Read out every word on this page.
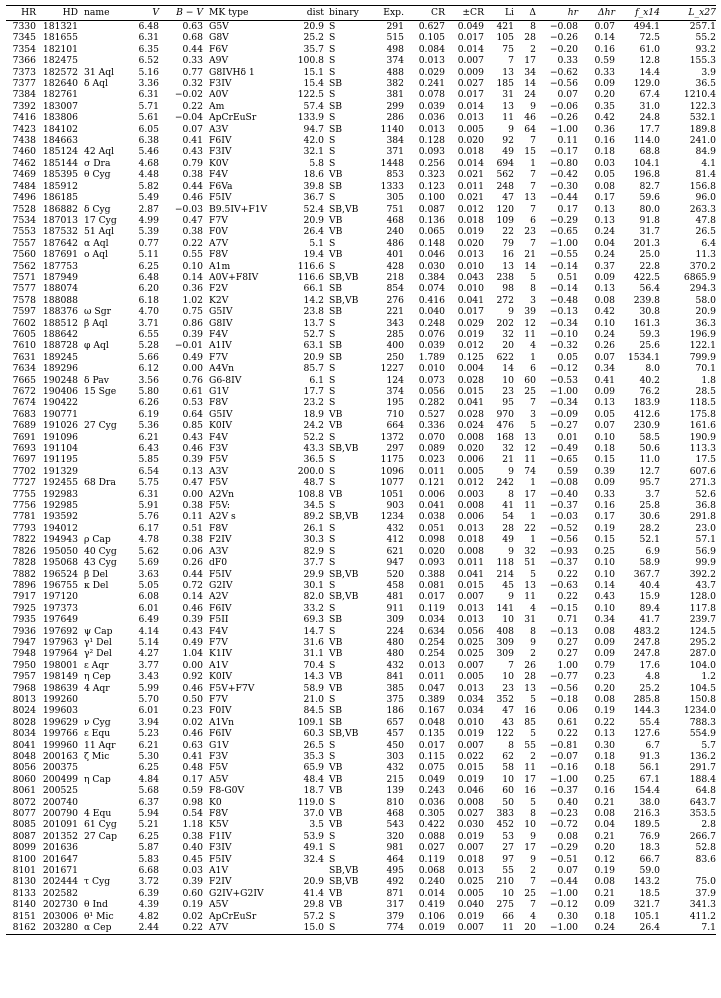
HR	HD	name	V	B − V	MK type	dist	binary	Exp.	CR	±CR	Li	Δ	hr	Δhr	f_x14	L_x27
7330	181321		6.48	0.63	G5V	20.9	S	291	0.627	0.049	421	8	−0.08	0.07	494.1	257.1
7345	181655		6.31	0.68	G8V	25.2	S	515	0.105	0.017	105	28	−0.26	0.14	72.5	55.2
7354	182101		6.35	0.44	F6V	35.7	S	498	0.084	0.014	75	2	−0.20	0.16	61.0	93.2
7366	182475		6.52	0.33	A9V	100.8	S	374	0.013	0.007	7	17	0.33	0.59	12.8	155.3
7373	182572	31 Aql	5.16	0.77	G8IVHδ 1	15.1	S	488	0.029	0.009	13	34	−0.62	0.33	14.4	3.9
7377	182640	δ Aql	3.36	0.32	F3IV	15.4	SB	382	0.241	0.027	185	14	−0.56	0.09	129.0	36.5
7384	182761		6.31	−0.02	A0V	122.5	S	381	0.078	0.017	31	24	0.07	0.20	67.4	1210.4
7392	183007		5.71	0.22	Am	57.4	SB	299	0.039	0.014	13	9	−0.06	0.35	31.0	122.3
7416	183806		5.61	−0.04	ApCrEuSr	133.9	S	286	0.036	0.013	11	46	−0.26	0.42	24.8	532.1
7423	184102		6.05	0.07	A3V	94.7	SB	1140	0.013	0.005	9	64	−1.00	0.36	17.7	189.8
7438	184663		6.38	0.41	F6IV	42.0	S	384	0.128	0.020	92	7	0.11	0.16	114.0	241.0
7460	185124	42 Aql	5.46	0.43	F3IV	32.1	S	371	0.093	0.018	49	15	−0.17	0.18	68.8	84.9
7462	185144	σ Dra	4.68	0.79	K0V	5.8	S	1448	0.256	0.014	694	1	−0.80	0.03	104.1	4.1
7469	185395	θ Cyg	4.48	0.38	F4V	18.6	VB	853	0.323	0.021	562	7	−0.42	0.05	196.8	81.4
7484	185912		5.82	0.44	F6Va	39.8	SB	1333	0.123	0.011	248	7	−0.30	0.08	82.7	156.8
7496	186185		5.49	0.46	F5IV	36.7	S	305	0.100	0.021	47	13	−0.44	0.17	59.6	96.0
7528	186882	δ Cyg	2.87	−0.03	B9.5IV+F1V	52.4	SB,VB	751	0.087	0.012	120	7	0.17	0.13	80.0	263.3
7534	187013	17 Cyg	4.99	0.47	F7V	20.9	VB	468	0.136	0.018	109	6	−0.29	0.13	91.8	47.8
7553	187532	51 Aql	5.39	0.38	F0V	26.4	VB	240	0.065	0.019	22	23	−0.65	0.24	31.7	26.5
7557	187642	α Aql	0.77	0.22	A7V	5.1	S	486	0.148	0.020	79	7	−1.00	0.04	201.3	6.4
7560	187691	o Aql	5.11	0.55	F8V	19.4	VB	401	0.046	0.013	16	21	−0.55	0.24	25.0	11.3
7562	187753		6.25	0.10	A1m	116.6	S	428	0.030	0.010	13	14	−0.14	0.37	22.8	370.2
7571	187949		6.48	0.14	A0V+F8IV	116.6	SB,VB	218	0.384	0.043	238	5	0.51	0.09	422.5	6865.9
7577	188074		6.20	0.36	F2V	66.1	SB	854	0.074	0.010	98	8	−0.14	0.13	56.4	294.3
7578	188088		6.18	1.02	K2V	14.2	SB,VB	276	0.416	0.041	272	3	−0.48	0.08	239.8	58.0
7597	188376	ω Sgr	4.70	0.75	G5IV	23.8	SB	221	0.040	0.017	9	39	−0.13	0.42	30.8	20.9
7602	188512	β Aql	3.71	0.86	G8IV	13.7	S	343	0.248	0.029	202	12	−0.34	0.10	161.3	36.3
7605	188642		6.55	0.39	F4V	52.7	S	285	0.076	0.019	32	11	−0.10	0.24	59.3	196.9
7610	188728	φ Aql	5.28	−0.01	A1IV	63.1	SB	400	0.039	0.012	20	4	−0.32	0.26	25.6	122.1
7631	189245		5.66	0.49	F7V	20.9	SB	250	1.789	0.125	622	1	0.05	0.07	1534.1	799.9
7634	189296		6.12	0.00	A4Vn	85.7	S	1227	0.010	0.004	14	6	−0.12	0.34	8.0	70.1
7665	190248	δ Pav	3.56	0.76	G6-8IV	6.1	S	124	0.073	0.028	10	60	−0.53	0.41	40.2	1.8
7672	190406	15 Sge	5.80	0.61	G1V	17.7	S	374	0.056	0.015	23	25	−1.00	0.09	76.2	28.5
7674	190422		6.26	0.53	F8V	23.2	S	195	0.282	0.041	95	7	−0.34	0.13	183.9	118.5
7683	190771		6.19	0.64	G5IV	18.9	VB	710	0.527	0.028	970	3	−0.09	0.05	412.6	175.8
7689	191026	27 Cyg	5.36	0.85	K0IV	24.2	VB	664	0.336	0.024	476	5	−0.27	0.07	230.9	161.6
7691	191096		6.21	0.43	F4V	52.2	S	1372	0.070	0.008	168	13	0.01	0.10	58.5	190.9
7693	191104		6.43	0.46	F3V	43.3	SB,VB	297	0.089	0.020	32	12	−0.49	0.18	50.6	113.3
7697	191195		5.85	0.39	F5V	36.5	S	1175	0.023	0.006	21	11	−0.65	0.15	11.0	17.5
7702	191329		6.54	0.13	A3V	200.0	S	1096	0.011	0.005	9	74	0.59	0.39	12.7	607.6
7727	192455	68 Dra	5.75	0.47	F5V	48.7	S	1077	0.121	0.012	242	1	−0.08	0.09	95.7	271.3
7755	192983		6.31	0.00	A2Vn	108.8	VB	1051	0.006	0.003	8	17	−0.40	0.33	3.7	52.6
7756	192985		5.91	0.38	F5V:	34.5	S	903	0.041	0.008	41	11	−0.37	0.16	25.8	36.8
7781	193592		5.76	0.11	A2V s	89.2	SB,VB	1234	0.038	0.006	54	1	−0.03	0.17	30.6	291.8
7793	194012		6.17	0.51	F8V	26.1	S	432	0.051	0.013	28	22	−0.52	0.19	28.2	23.0
7822	194943	ρ Cap	4.78	0.38	F2IV	30.3	S	412	0.098	0.018	49	1	−0.56	0.15	52.1	57.1
7826	195050	40 Cyg	5.62	0.06	A3V	82.9	S	621	0.020	0.008	9	32	−0.93	0.25	6.9	56.9
7828	195068	43 Cyg	5.69	0.26	dF0	37.7	S	947	0.093	0.011	118	51	−0.37	0.10	58.9	99.9
7882	196524	β Del	3.63	0.44	F5IV	29.9	SB,VB	520	0.388	0.041	214	5	0.22	0.10	367.7	392.2
7896	196755	κ Del	5.05	0.72	G2IV	30.1	S	458	0.081	0.015	45	13	−0.63	0.14	40.4	43.7
7917	197120		6.08	0.14	A2V	82.0	SB,VB	481	0.017	0.007	9	11	0.22	0.43	15.9	128.0
7925	197373		6.01	0.46	F6IV	33.2	S	911	0.119	0.013	141	4	−0.15	0.10	89.4	117.8
7935	197649		6.49	0.39	F5II	69.3	SB	309	0.034	0.013	10	31	0.71	0.34	41.7	239.7
7936	197692	ψ Cap	4.14	0.43	F4V	14.7	S	224	0.634	0.056	408	8	−0.13	0.08	483.2	124.5
7947	197963	γ¹ Del	5.14	0.49	F7V	31.6	VB	480	0.254	0.025	309	9	0.27	0.09	247.8	295.2
7948	197964	γ² Del	4.27	1.04	K1IV	31.1	VB	480	0.254	0.025	309	2	0.27	0.09	247.8	287.0
7950	198001	ε Aqr	3.77	0.00	A1V	70.4	S	432	0.013	0.007	7	26	1.00	0.79	17.6	104.0
7957	198149	η Cep	3.43	0.92	K0IV	14.3	VB	841	0.011	0.005	10	28	−0.77	0.23	4.8	1.2
7968	198639	4 Aqr	5.99	0.46	F5V+F7V	58.9	VB	385	0.047	0.013	23	13	−0.56	0.20	25.2	104.5
8013	199260		5.70	0.50	F7V	21.0	S	375	0.389	0.034	352	5	−0.18	0.08	285.8	150.8
8024	199603		6.01	0.23	F0IV	84.5	SB	186	0.167	0.034	47	16	0.06	0.19	144.3	1234.0
8028	199629	ν Cyg	3.94	0.02	A1Vn	109.1	SB	657	0.048	0.010	43	85	0.61	0.22	55.4	788.3
8034	199766	ε Equ	5.23	0.46	F6IV	60.3	SB,VB	457	0.135	0.019	122	5	0.22	0.13	127.6	554.9
8041	199960	11 Aqr	6.21	0.63	G1V	26.5	S	450	0.017	0.007	8	55	−0.81	0.30	6.7	5.7
8048	200163	ζ Mic	5.30	0.41	F3V	35.3	S	303	0.115	0.022	62	2	−0.07	0.18	91.3	136.2
8056	200375		6.25	0.48	F5V	65.9	VB	432	0.075	0.015	58	11	−0.16	0.18	56.1	291.7
8060	200499	η Cap	4.84	0.17	A5V	48.4	VB	215	0.049	0.019	10	17	−1.00	0.25	67.1	188.4
8061	200525		5.68	0.59	F8-G0V	18.7	VB	139	0.243	0.046	60	16	−0.37	0.16	154.4	64.8
8072	200740		6.37	0.98	K0	119.0	S	810	0.036	0.008	50	5	0.40	0.21	38.0	643.7
8077	200790	4 Equ	5.94	0.54	F8V	37.0	VB	468	0.305	0.027	383	8	−0.23	0.08	216.3	353.5
8085	201091	61 Cyg	5.21	1.18	K5V	3.5	VB	543	0.422	0.030	452	10	−0.72	0.04	189.5	2.8
8087	201352	27 Cap	6.25	0.38	F1IV	53.9	S	320	0.088	0.019	53	9	0.08	0.21	76.9	266.7
8099	201636		5.87	0.40	F3IV	49.1	S	981	0.027	0.007	27	17	−0.29	0.20	18.3	52.8
8100	201647		5.83	0.45	F5IV	32.4	S	464	0.119	0.018	97	9	−0.51	0.12	66.7	83.6
8101	201671		6.68	0.03	A1V		SB,VB	495	0.068	0.013	55	2	0.07	0.19	59.0	
8130	202444	τ Cyg	3.72	0.39	F2IV	20.9	SB,VB	492	0.240	0.025	210	7	−0.44	0.08	143.2	75.0
8133	202582		6.39	0.60	G2IV+G2IV	41.4	VB	871	0.014	0.005	10	25	−1.00	0.21	18.5	37.9
8140	202730	θ Ind	4.39	0.19	A5V	29.8	VB	317	0.419	0.040	275	7	−0.12	0.09	321.7	341.3
8151	203006	θ¹ Mic	4.82	0.02	ApCrEuSr	57.2	S	379	0.106	0.019	66	4	0.30	0.18	105.1	411.2
8162	203280	α Cep	2.44	0.22	A7V	15.0	S	774	0.019	0.007	11	20	−1.00	0.24	26.4	7.1
